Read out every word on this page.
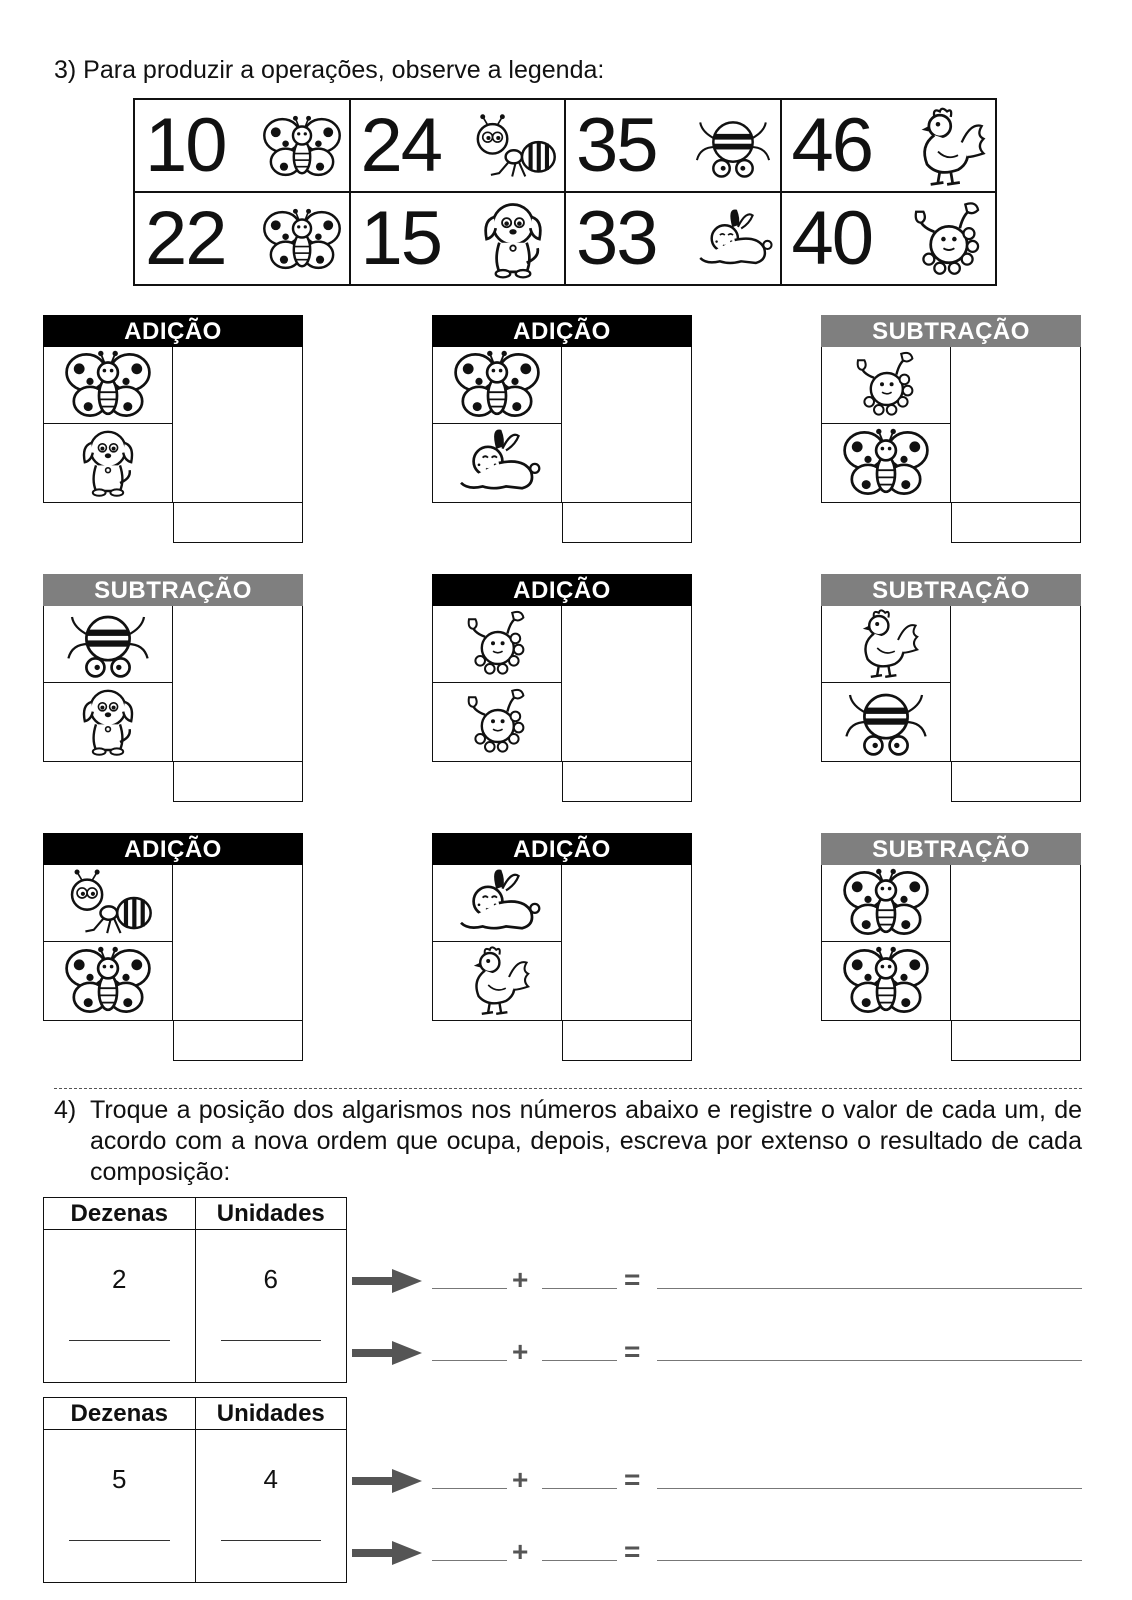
3) Para produzir a operações, observe a legenda:
10 24 35 46
22 15 33 40
ADIÇÃO	ADIÇÃO	SUBTRAÇÃO
SUBTRAÇÃO	ADIÇÃO	SUBTRAÇÃO
ADIÇÃO	ADIÇÃO	SUBTRAÇÃO
4) Troque a posição dos algarismos nos números abaixo e registre o valor de cada um, de acordo com a nova ordem que ocupa, depois, escreva por extenso o resultado de cada composição:
Dezenas	Unidades
2	6	+	=
+	=
Dezenas	Unidades
5	4	+	=
+	=
